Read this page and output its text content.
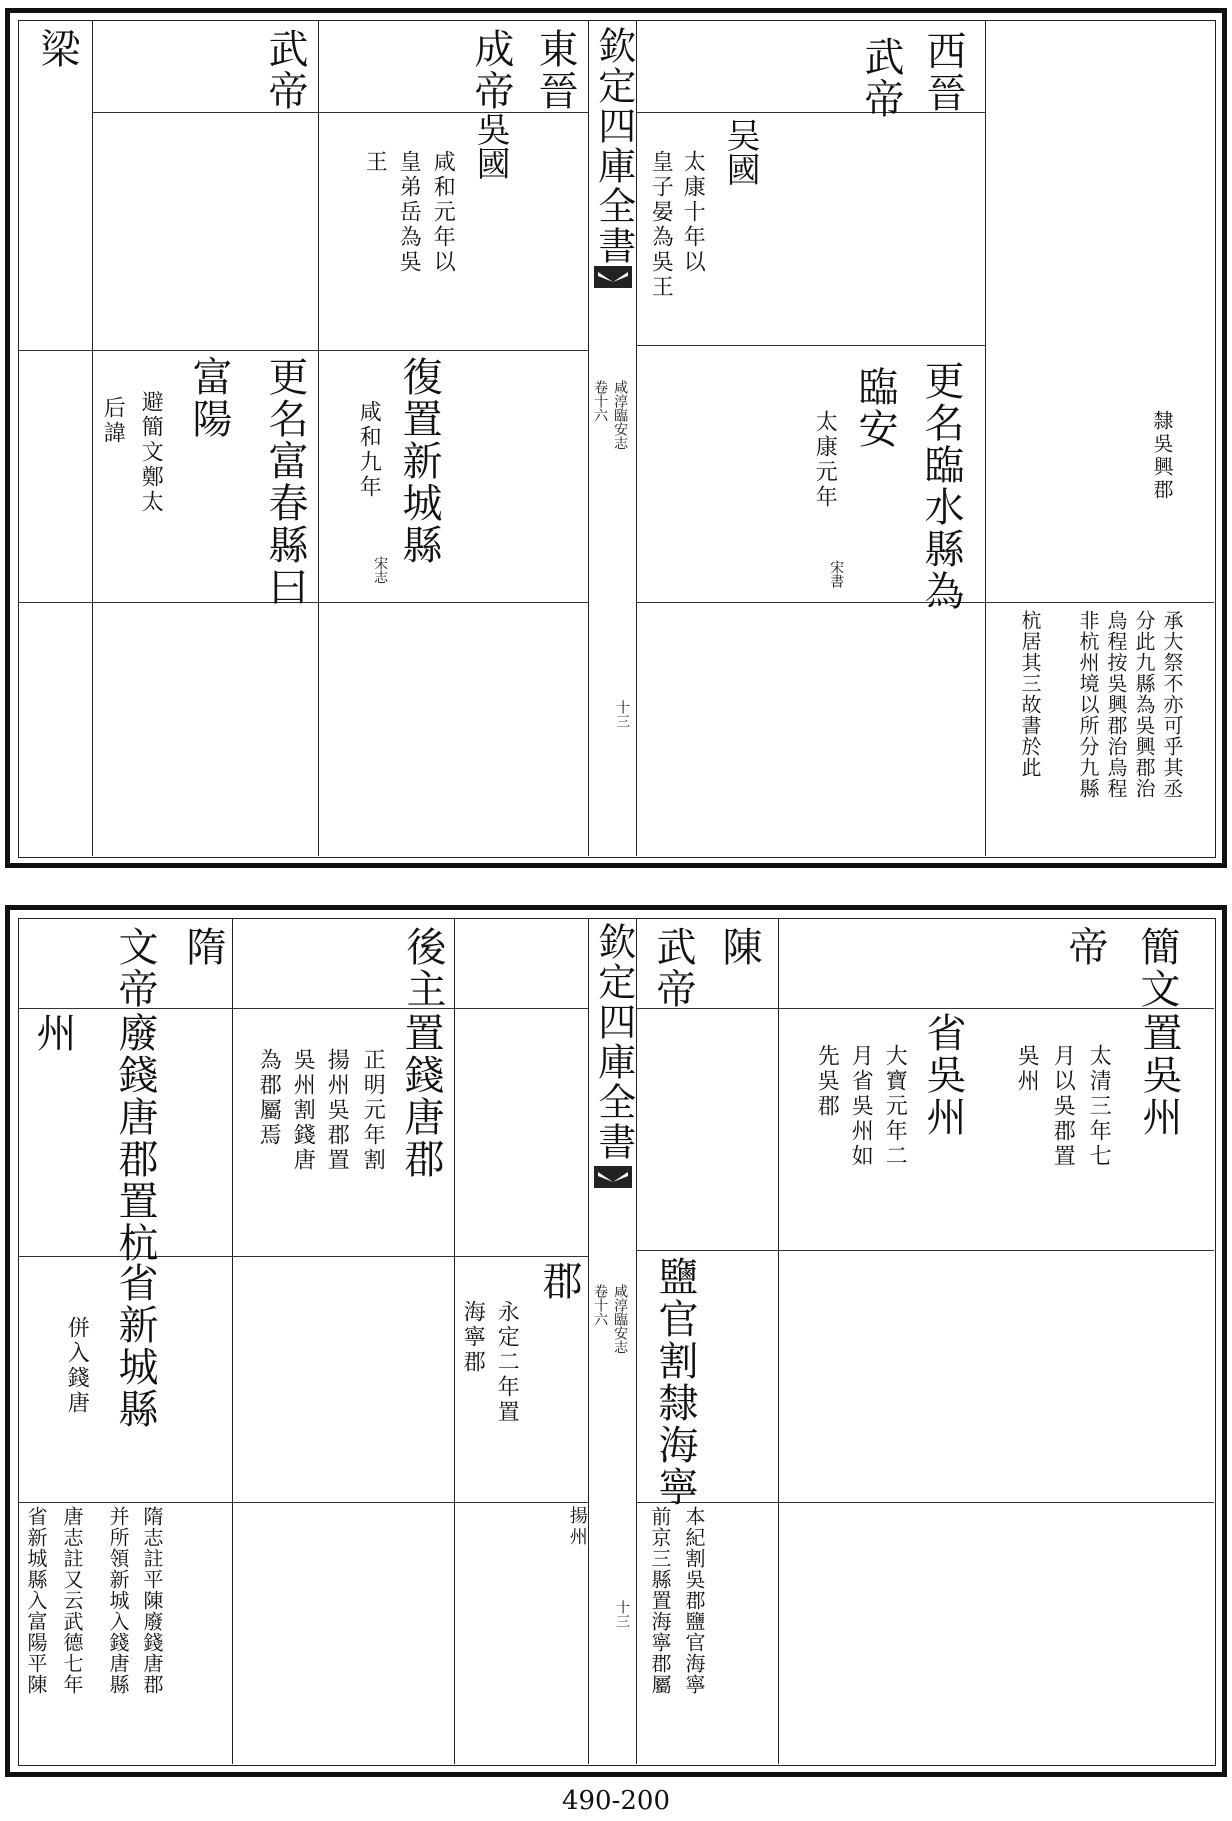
欽定四庫全書
卷十六 咸淳臨安志
十三
西晉
武帝
吴國
太康十年以
皇子晏為吳王
更名臨水縣為
臨安
太康元年
宋書
隸吳興郡
承大祭不亦可乎其丞
分此九縣為吳興郡治
烏程按吳興郡治烏程
非杭州境以所分九縣
杭居其三故書於此
東晉
成帝
吳國
咸和元年以
皇弟岳為吳
王
武帝
更名富春縣曰
富陽
避簡文鄭太
后諱	復置新城縣
咸和九年
宋志
梁
欽定四庫全書
卷十六 咸淳臨安志
十三
簡文
帝
置吳州
太清三年七
月以吳郡置
吳州
陳
武帝
省吳州
大寶元年二
月省吳州如
先吳郡
鹽官割隸海寧
本紀割吳郡鹽官海寧
前京三縣置海寧郡屬
後主
置錢唐郡
正明元年割
揚州吳郡置
吳州割錢唐
為郡屬焉
郡
永定二年置
海寧郡
揚州
隋
文帝
廢錢唐郡置杭
州
省新城縣
併入錢唐
隋志註平陳廢錢唐郡
并所領新城入錢唐縣
唐志註又云武德七年
省新城縣入富陽平陳
490-200
